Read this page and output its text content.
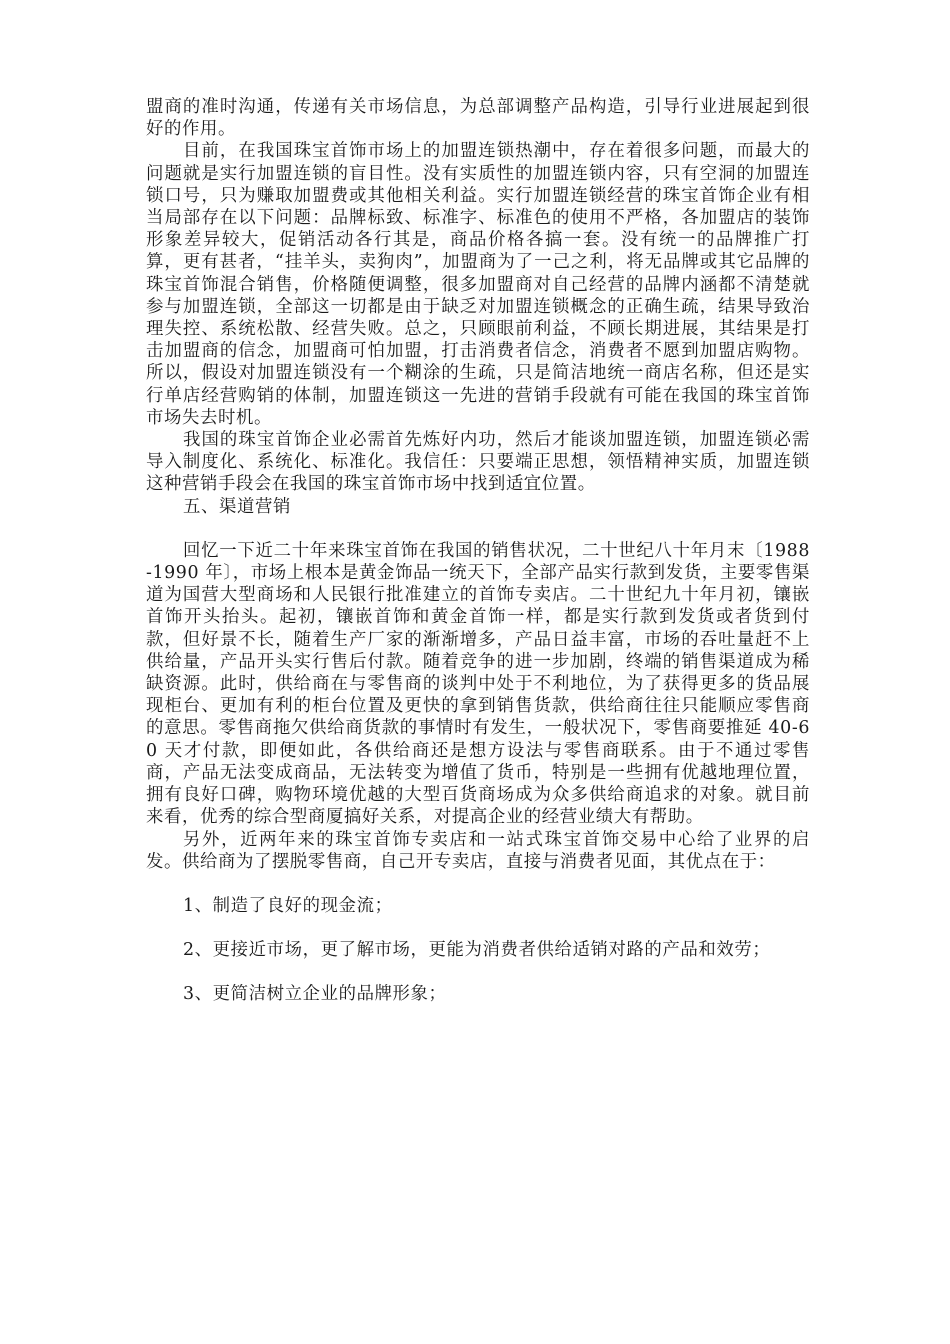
盟商的准时沟通，传递有关市场信息，为总部调整产品构造，引导行业进展起到很好的作用。

目前，在我国珠宝首饰市场上的加盟连锁热潮中，存在着很多问题，而最大的问题就是实行加盟连锁的盲目性。没有实质性的加盟连锁内容，只有空洞的加盟连锁口号，只为赚取加盟费或其他相关利益。实行加盟连锁经营的珠宝首饰企业有相当局部存在以下问题：品牌标致、标准字、标准色的使用不严格，各加盟店的装饰形象差异较大，促销活动各行其是，商品价格各搞一套。没有统一的品牌推广打算，更有甚者，“挂羊头，卖狗肉”，加盟商为了一己之利，将无品牌或其它品牌的珠宝首饰混合销售，价格随便调整，很多加盟商对自己经营的品牌内涵都不清楚就参与加盟连锁，全部这一切都是由于缺乏对加盟连锁概念的正确生疏，结果导致治理失控、系统松散、经营失败。总之，只顾眼前利益，不顾长期进展，其结果是打击加盟商的信念，加盟商可怕加盟，打击消费者信念，消费者不愿到加盟店购物。所以，假设对加盟连锁没有一个糊涂的生疏，只是简洁地统一商店名称，但还是实行单店经营购销的体制，加盟连锁这一先进的营销手段就有可能在我国的珠宝首饰市场失去时机。

我国的珠宝首饰企业必需首先炼好内功，然后才能谈加盟连锁，加盟连锁必需导入制度化、系统化、标准化。我信任：只要端正思想，领悟精神实质，加盟连锁这种营销手段会在我国的珠宝首饰市场中找到适宜位置。

五、渠道营销

回忆一下近二十年来珠宝首饰在我国的销售状况，二十世纪八十年月末〔1988-1990 年〕，市场上根本是黄金饰品一统天下，全部产品实行款到发货，主要零售渠道为国营大型商场和人民银行批准建立的首饰专卖店。二十世纪九十年月初，镶嵌首饰开头抬头。起初，镶嵌首饰和黄金首饰一样，都是实行款到发货或者货到付款，但好景不长，随着生产厂家的渐渐增多，产品日益丰富，市场的吞吐量赶不上供给量，产品开头实行售后付款。随着竞争的进一步加剧，终端的销售渠道成为稀缺资源。此时，供给商在与零售商的谈判中处于不利地位，为了获得更多的货品展现柜台、更加有利的柜台位置及更快的拿到销售货款，供给商往往只能顺应零售商的意思。零售商拖欠供给商货款的事情时有发生，一般状况下，零售商要推延 40-60 天才付款，即便如此，各供给商还是想方设法与零售商联系。由于不通过零售商，产品无法变成商品，无法转变为增值了货币，特别是一些拥有优越地理位置，拥有良好口碑，购物环境优越的大型百货商场成为众多供给商追求的对象。就目前来看，优秀的综合型商厦搞好关系，对提高企业的经营业绩大有帮助。

另外，近两年来的珠宝首饰专卖店和一站式珠宝首饰交易中心给了业界的启发。供给商为了摆脱零售商，自己开专卖店，直接与消费者见面，其优点在于：

1、制造了良好的现金流；

2、更接近市场，更了解市场，更能为消费者供给适销对路的产品和效劳；

3、更简洁树立企业的品牌形象；
